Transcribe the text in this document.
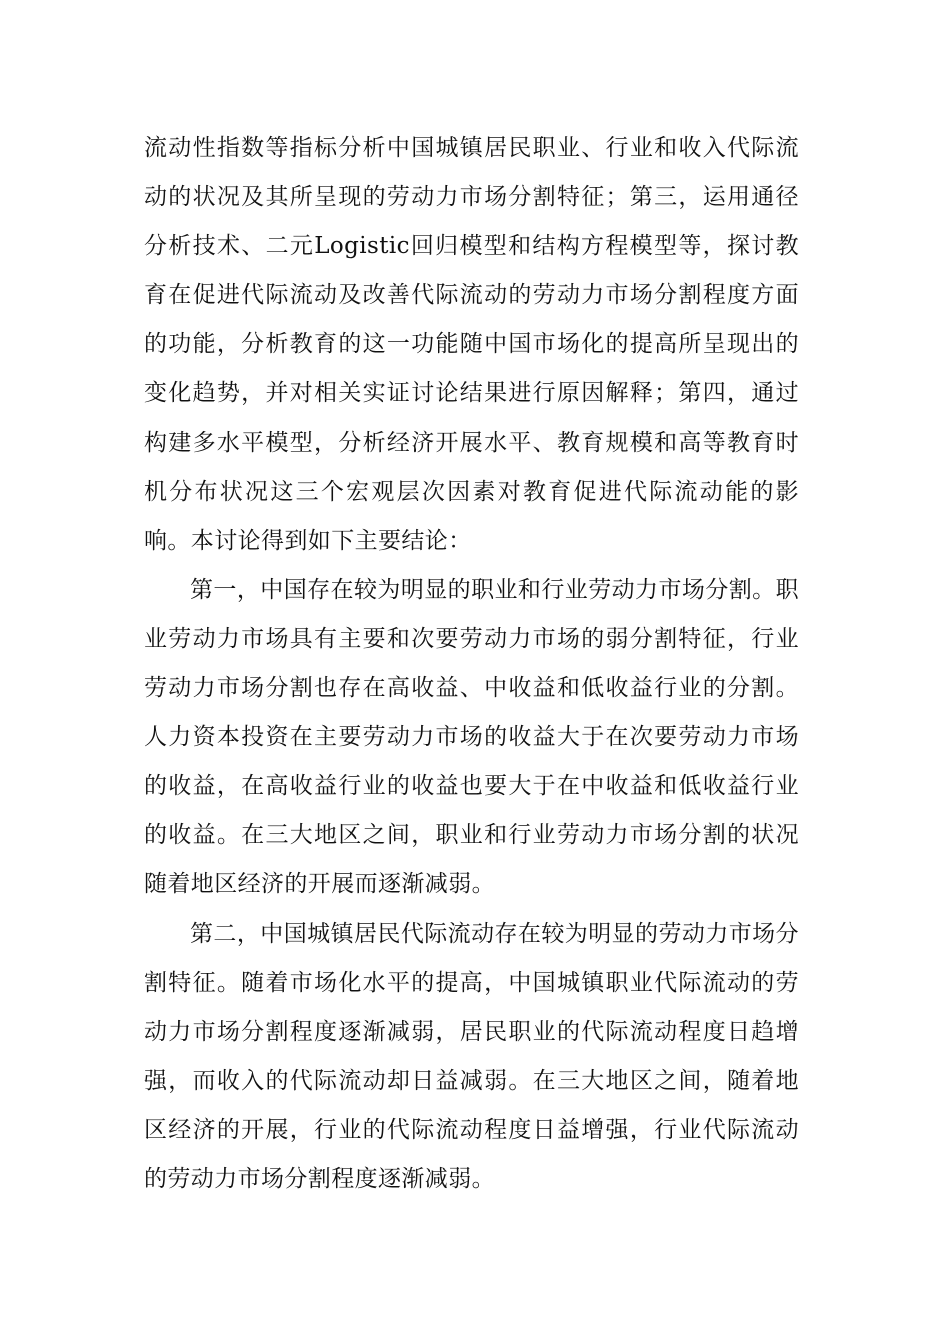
流动性指数等指标分析中国城镇居民职业、行业和收入代际流动的状况及其所呈现的劳动力市场分割特征；第三，运用通径分析技术、二元Logistic回归模型和结构方程模型等，探讨教育在促进代际流动及改善代际流动的劳动力市场分割程度方面的功能，分析教育的这一功能随中国市场化的提高所呈现出的变化趋势，并对相关实证讨论结果进行原因解释；第四，通过构建多水平模型，分析经济开展水平、教育规模和高等教育时机分布状况这三个宏观层次因素对教育促进代际流动能的影响。本讨论得到如下主要结论：

第一，中国存在较为明显的职业和行业劳动力市场分割。职业劳动力市场具有主要和次要劳动力市场的弱分割特征，行业劳动力市场分割也存在高收益、中收益和低收益行业的分割。人力资本投资在主要劳动力市场的收益大于在次要劳动力市场的收益，在高收益行业的收益也要大于在中收益和低收益行业的收益。在三大地区之间，职业和行业劳动力市场分割的状况随着地区经济的开展而逐渐减弱。

第二，中国城镇居民代际流动存在较为明显的劳动力市场分割特征。随着市场化水平的提高，中国城镇职业代际流动的劳动力市场分割程度逐渐减弱，居民职业的代际流动程度日趋增强，而收入的代际流动却日益减弱。在三大地区之间，随着地区经济的开展，行业的代际流动程度日益增强，行业代际流动的劳动力市场分割程度逐渐减弱。
